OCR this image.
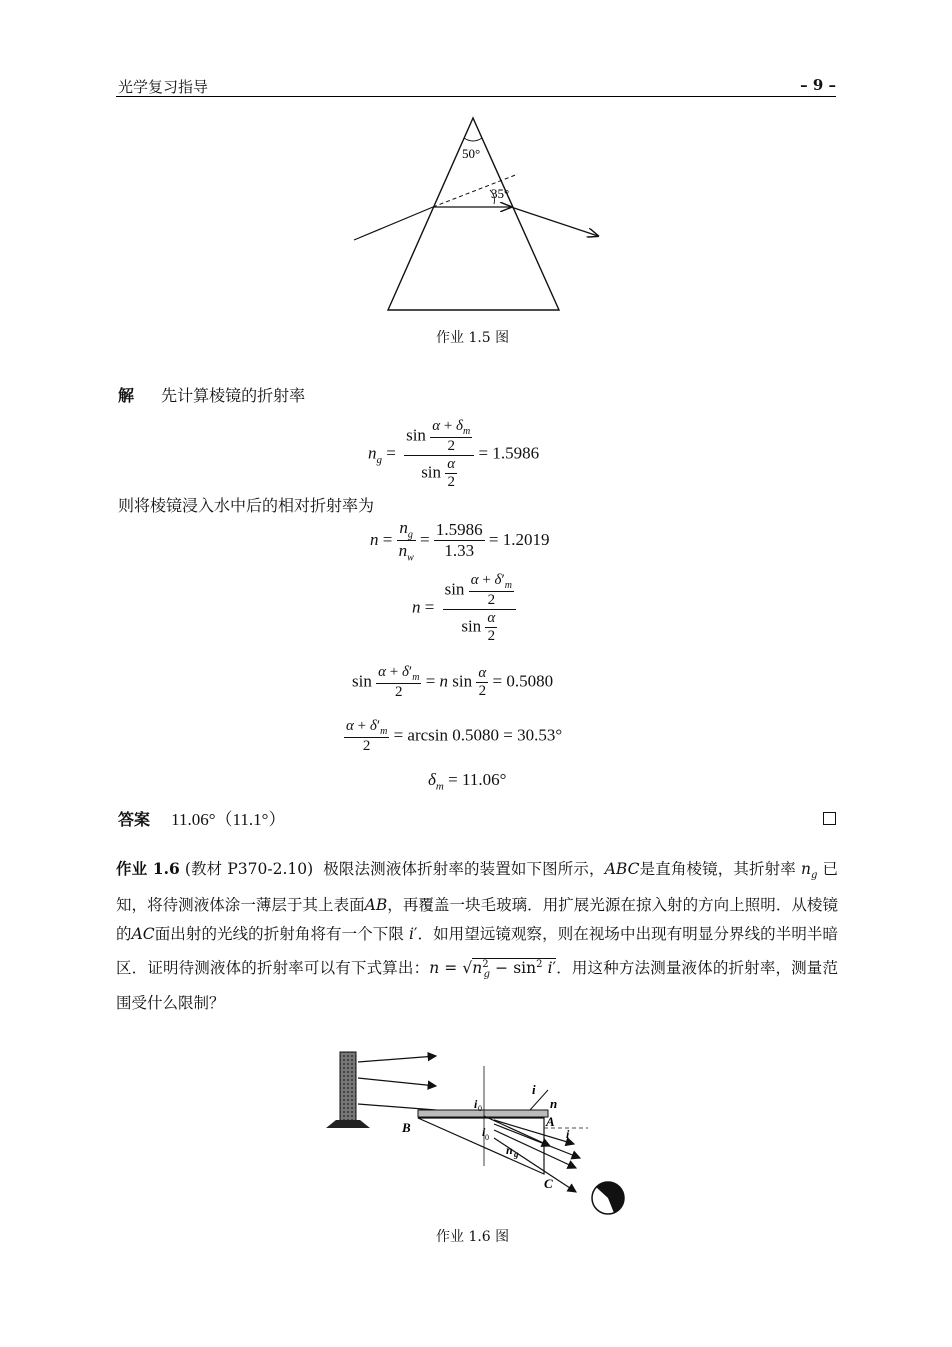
光学复习指导	– 9 –
50°
35°
作业 1.5 图
解 先计算棱镜的折射率
$n_g = \frac{\sin \frac{\alpha + \delta_m}{2}}{\sin \frac{\alpha}{2}} = 1.5986$
则将棱镜浸入水中后的相对折射率为
$n = \frac{n_g}{n_w} = \frac{1.5986}{1.33} = 1.2019$
$n = \frac{\sin \frac{\alpha + \delta'_m}{2}}{\sin \frac{\alpha}{2}}$
$\sin \frac{\alpha + \delta'_m}{2} = n$ $\sin \frac{\alpha}{2} = 0.5080$
$\frac{\alpha + \delta'_m}{2} = \arcsin 0.5080 = 30.53^\circ$
$\delta_m = 11.06^\circ$
答案 11.06°（11.1°）
作业 1.6 (教材 P370-2.10) 极限法测液体折射率的装置如下图所示，ABC是直角棱镜，其折射率 $n_g$ 已知，将待测液体涂一薄层于其上表面AB，再覆盖一块毛玻璃．用扩展光源在掠入射的方向上照明．从棱镜的AC面出射的光线的折射角将有一个下限 i′．如用望远镜观察，则在视场中出现有明显分界线的半明半暗区．证明待测液体的折射率可以有下式算出：$n = √n^2_g - \sin^2 i'$．用这种方法测量液体的折射率，测量范围受什么限制？
B	A
C
n
i
n g
i 0
i 0	i
作业 1.6 图
